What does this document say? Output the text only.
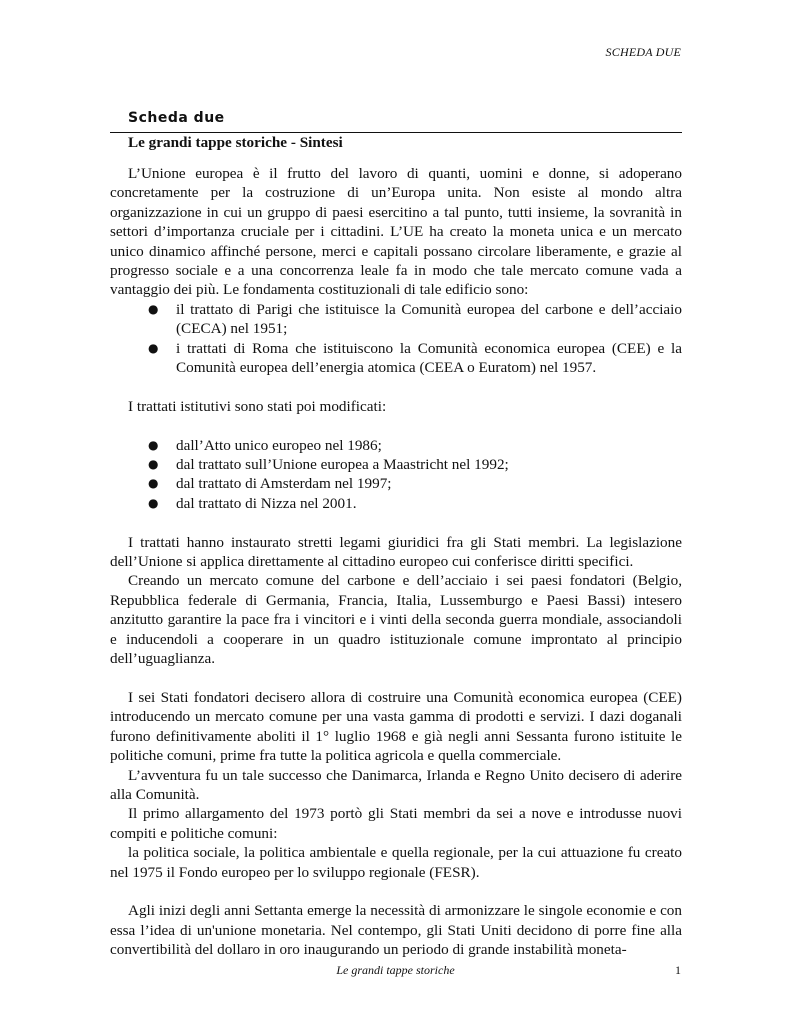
SCHEDA DUE
Scheda due
Le grandi tappe storiche - Sintesi

L’Unione europea è il frutto del lavoro di quanti, uomini e donne, si adoperano concretamente per la costruzione di un’Europa unita. Non esiste al mondo altra organizzazione in cui un gruppo di paesi esercitino a tal punto, tutti insieme, la sovranità in settori d’importanza cruciale per i cittadini. L’UE ha creato la moneta unica e un mercato unico dinamico affinché persone, merci e capitali possano circolare liberamente, e grazie al progresso sociale e a una concorrenza leale fa in modo che tale mercato comune vada a vantaggio dei più. Le fondamenta costituzionali di tale edificio sono:

● il trattato di Parigi che istituisce la Comunità europea del carbone e dell’acciaio (CECA) nel 1951;
● i trattati di Roma che istituiscono la Comunità economica europea (CEE) e la Comunità europea dell’energia atomica (CEEA o Euratom) nel 1957.

I trattati istitutivi sono stati poi modificati:

● dall’Atto unico europeo nel 1986;
● dal trattato sull’Unione europea a Maastricht nel 1992;
● dal trattato di Amsterdam nel 1997;
● dal trattato di Nizza nel 2001.

I trattati hanno instaurato stretti legami giuridici fra gli Stati membri. La legislazione dell’Unione si applica direttamente al cittadino europeo cui conferisce diritti specifici.

Creando un mercato comune del carbone e dell’acciaio i sei paesi fondatori (Belgio, Repubblica federale di Germania, Francia, Italia, Lussemburgo e Paesi Bassi) intesero anzitutto garantire la pace fra i vincitori e i vinti della seconda guerra mondiale, associandoli e inducendoli a cooperare in un quadro istituzionale comune improntato al principio dell’uguaglianza.

I sei Stati fondatori decisero allora di costruire una Comunità economica europea (CEE) introducendo un mercato comune per una vasta gamma di prodotti e servizi. I dazi doganali furono definitivamente aboliti il 1° luglio 1968 e già negli anni Sessanta furono istituite le politiche comuni, prime fra tutte la politica agricola e quella commerciale.

L’avventura fu un tale successo che Danimarca, Irlanda e Regno Unito decisero di aderire alla Comunità.

Il primo allargamento del 1973 portò gli Stati membri da sei a nove e introdusse nuovi compiti e politiche comuni:

la politica sociale, la politica ambientale e quella regionale, per la cui attuazione fu creato nel 1975 il Fondo europeo per lo sviluppo regionale (FESR).

Agli inizi degli anni Settanta emerge la necessità di armonizzare le singole economie e con essa l’idea di un'unione monetaria. Nel contempo, gli Stati Uniti decidono di porre fine alla convertibilità del dollaro in oro inaugurando un periodo di grande instabilità moneta-

Le grandi tappe storiche	1
